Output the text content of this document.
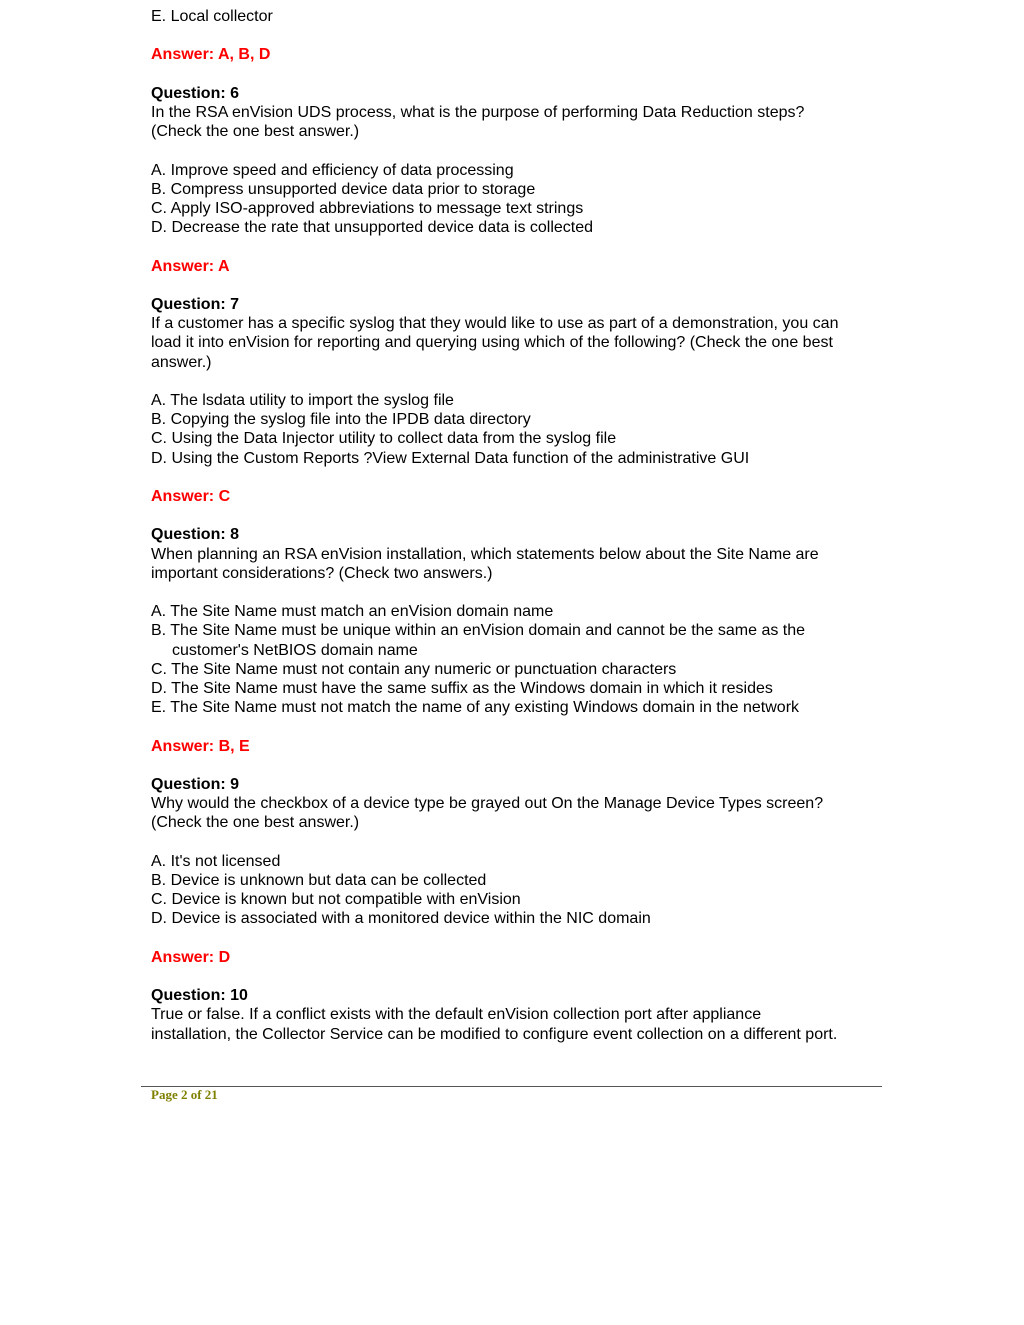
E. Local collector
Answer: A, B, D
Question: 6
In the RSA enVision UDS process, what is the purpose of performing Data Reduction steps?
(Check the one best answer.)
A. Improve speed and efficiency of data processing
B. Compress unsupported device data prior to storage
C. Apply ISO-approved abbreviations to message text strings
D. Decrease the rate that unsupported device data is collected
Answer: A
Question: 7
If a customer has a specific syslog that they would like to use as part of a demonstration, you can
load it into enVision for reporting and querying using which of the following? (Check the one best
answer.)
A. The lsdata utility to import the syslog file
B. Copying the syslog file into the IPDB data directory
C. Using the Data Injector utility to collect data from the syslog file
D. Using the Custom Reports ?View External Data function of the administrative GUI
Answer: C
Question: 8
When planning an RSA enVision installation, which statements below about the Site Name are
important considerations? (Check two answers.)
A. The Site Name must match an enVision domain name
B. The Site Name must be unique within an enVision domain and cannot be the same as the
customer's NetBIOS domain name
C. The Site Name must not contain any numeric or punctuation characters
D. The Site Name must have the same suffix as the Windows domain in which it resides
E. The Site Name must not match the name of any existing Windows domain in the network
Answer: B, E
Question: 9
Why would the checkbox of a device type be grayed out On the Manage Device Types screen?
(Check the one best answer.)
A. It's not licensed
B. Device is unknown but data can be collected
C. Device is known but not compatible with enVision
D. Device is associated with a monitored device within the NIC domain
Answer: D
Question: 10
True or false. If a conflict exists with the default enVision collection port after appliance
installation, the Collector Service can be modified to configure event collection on a different port.
Page 2 of 21
